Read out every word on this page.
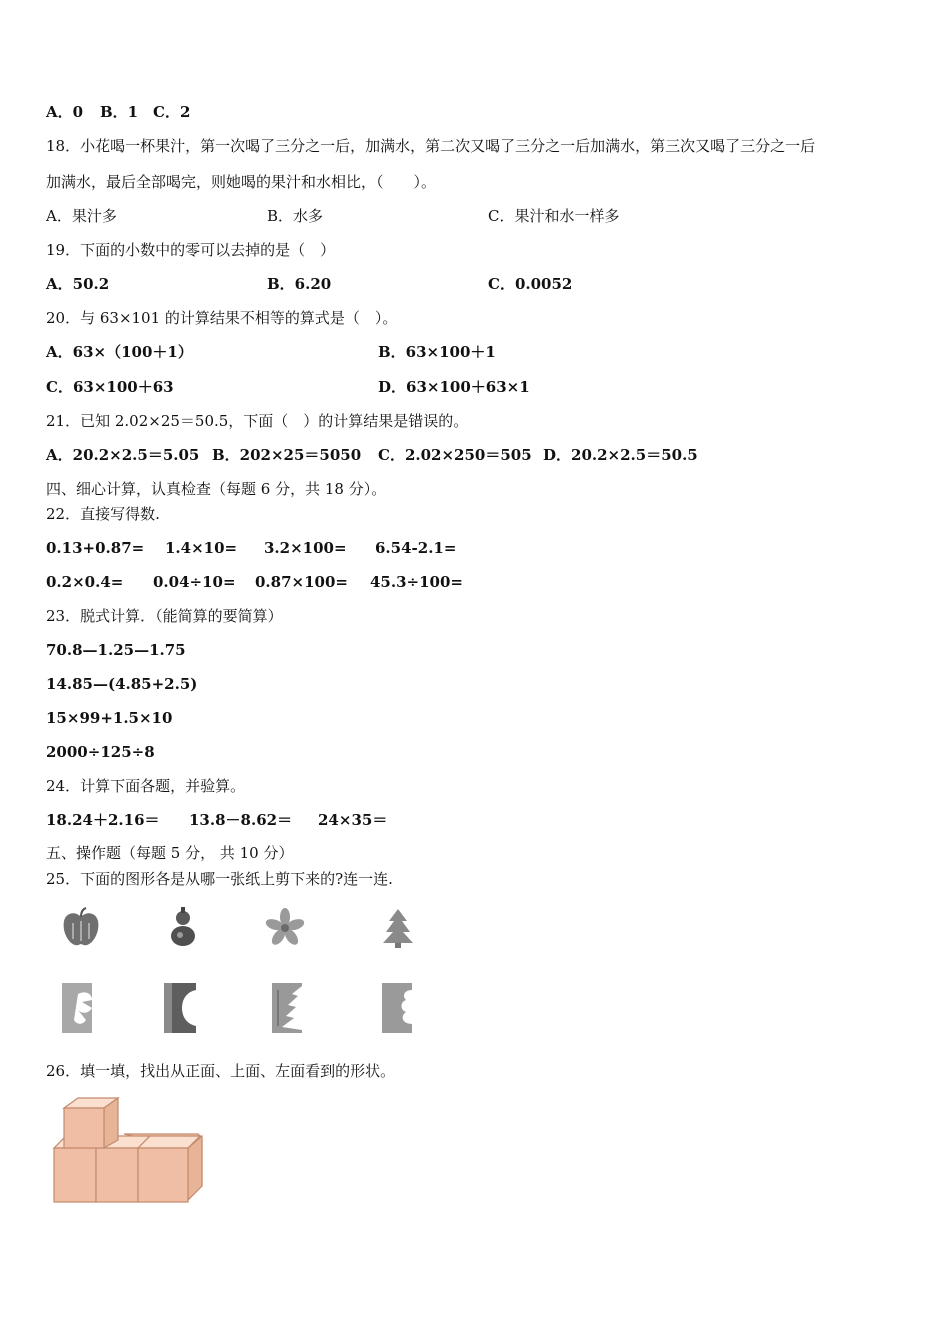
A．0 B．1 C．2
18．小花喝一杯果汁，第一次喝了三分之一后，加满水，第二次又喝了三分之一后加满水，第三次又喝了三分之一后
加满水，最后全部喝完，则她喝的果汁和水相比，（　　）。
A．果汁多	B．水多	C．果汁和水一样多
19．下面的小数中的零可以去掉的是（　）
A．50.2	B．6.20	C．0.0052
20．与 63×101 的计算结果不相等的算式是（　）。
A．63×（100＋1）	B．63×100＋1
C．63×100＋63	D．63×100＋63×1
21．已知 2.02×25＝50.5，下面（　）的计算结果是错误的。
A．20.2×2.5＝5.05 B．202×25＝5050 C．2.02×250＝505 D．20.2×2.5＝50.5
四、细心计算，认真检查（每题 6 分，共 18 分）。
22．直接写得数.
0.13+0.87= 1.4×10= 3.2×100= 6.54-2.1=
0.2×0.4= 0.04÷10= 0.87×100= 45.3÷100=
23．脱式计算．（能简算的要简算）
70.8—1.25—1.75
14.85—(4.85+2.5)
15×99+1.5×10
2000÷125÷8
24．计算下面各题，并验算。
18.24＋2.16＝ 13.8－8.62＝ 24×35＝
五、操作题（每题 5 分， 共 10 分）
25．下面的图形各是从哪一张纸上剪下来的?连一连.
26．填一填，找出从正面、上面、左面看到的形状。
